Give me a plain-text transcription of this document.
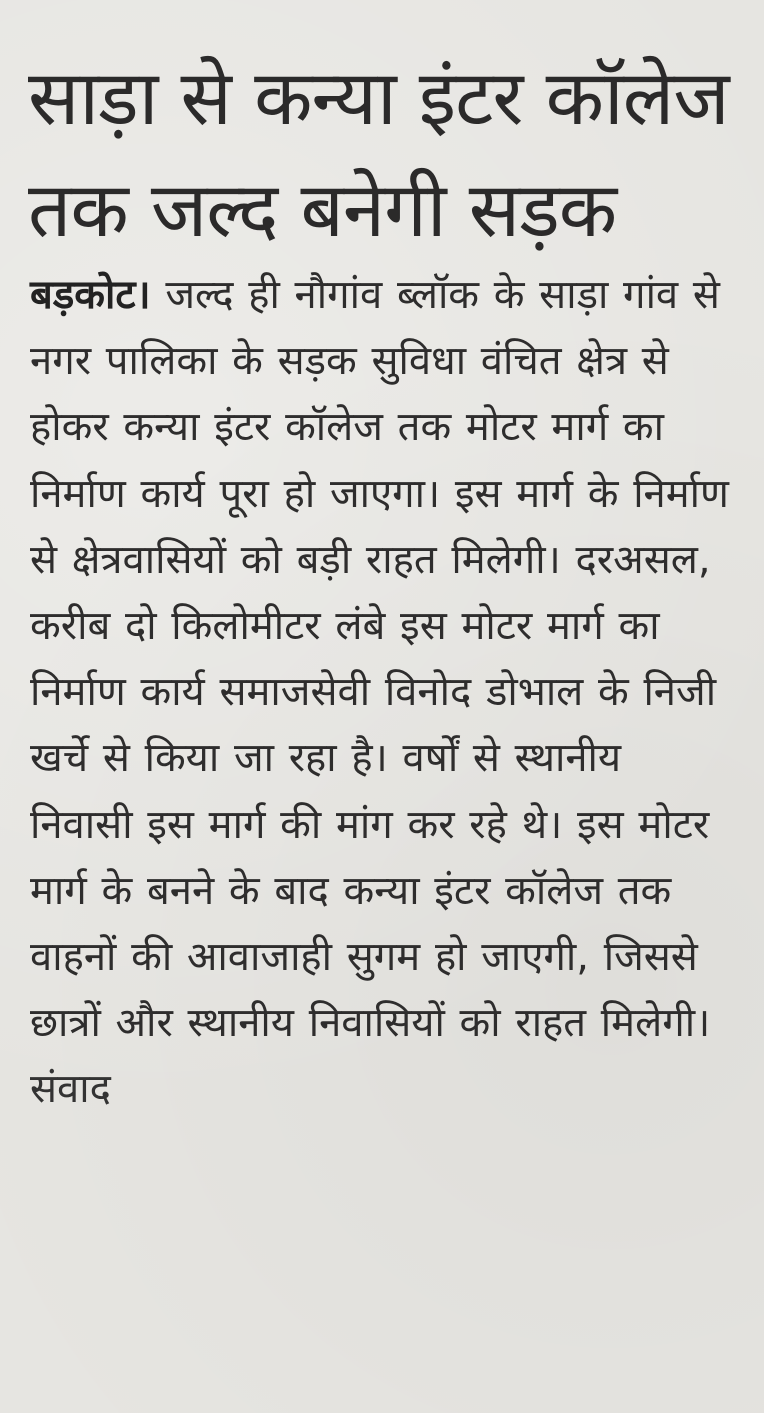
साड़ा से कन्या इंटर कॉलेज
तक जल्द बनेगी सड़क

बड़कोट। जल्द ही नौगांव ब्लॉक के साड़ा गांव से नगर पालिका के सड़क सुविधा वंचित क्षेत्र से होकर कन्या इंटर कॉलेज तक मोटर मार्ग का निर्माण कार्य पूरा हो जाएगा। इस मार्ग के निर्माण से क्षेत्रवासियों को बड़ी राहत मिलेगी। दरअसल, करीब दो किलोमीटर लंबे इस मोटर मार्ग का निर्माण कार्य समाजसेवी विनोद डोभाल के निजी खर्चे से किया जा रहा है। वर्षों से स्थानीय निवासी इस मार्ग की मांग कर रहे थे। इस मोटर मार्ग के बनने के बाद कन्या इंटर कॉलेज तक वाहनों की आवाजाही सुगम हो जाएगी, जिससे छात्रों और स्थानीय निवासियों को राहत मिलेगी। संवाद
